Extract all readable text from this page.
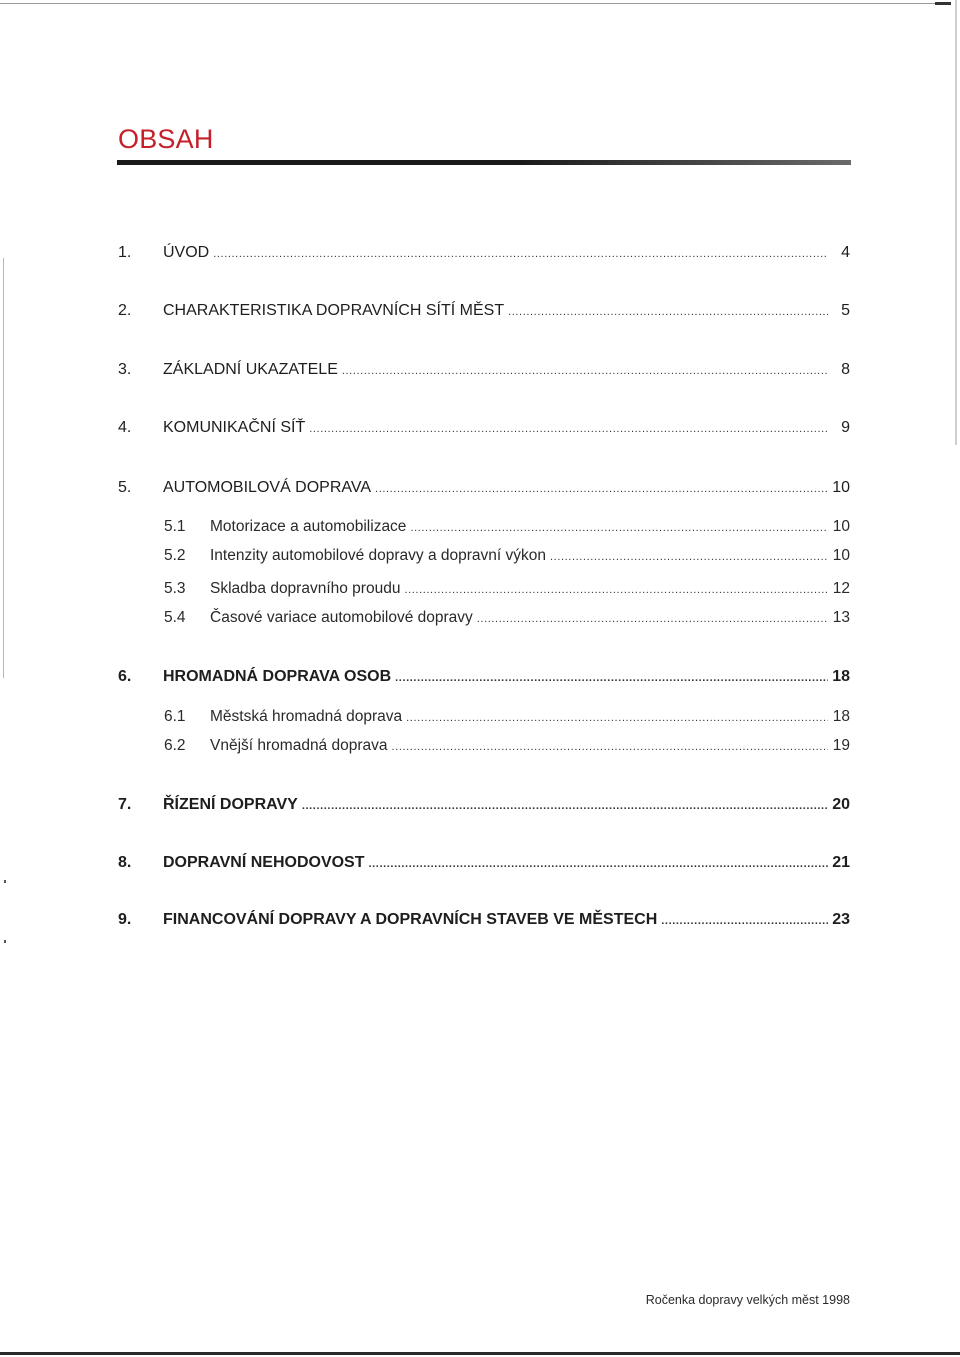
OBSAH
1.	ÚVOD .....	4
2.	CHARAKTERISTIKA DOPRAVNÍCH SÍTÍ MĚST .....	5
3.	ZÁKLADNÍ UKAZATELE .....	8
4.	KOMUNIKAČNÍ SÍŤ .....	9
5.	AUTOMOBILOVÁ DOPRAVA .....	10
5.1	Motorizace a automobilizace .....	10
5.2	Intenzity automobilové dopravy a dopravní výkon .....	10
5.3	Skladba dopravního proudu .....	12
5.4	Časové variace automobilové dopravy .....	13
6.	HROMADNÁ DOPRAVA OSOB .....	18
6.1	Městská hromadná doprava .....	18
6.2	Vnější hromadná doprava .....	19
7.	ŘÍZENÍ DOPRAVY .....	20
8.	DOPRAVNÍ NEHODOVOST .....	21
9.	FINANCOVÁNÍ DOPRAVY A DOPRAVNÍCH STAVEB VE MĚSTECH .....	23
Ročenka dopravy velkých měst 1998
